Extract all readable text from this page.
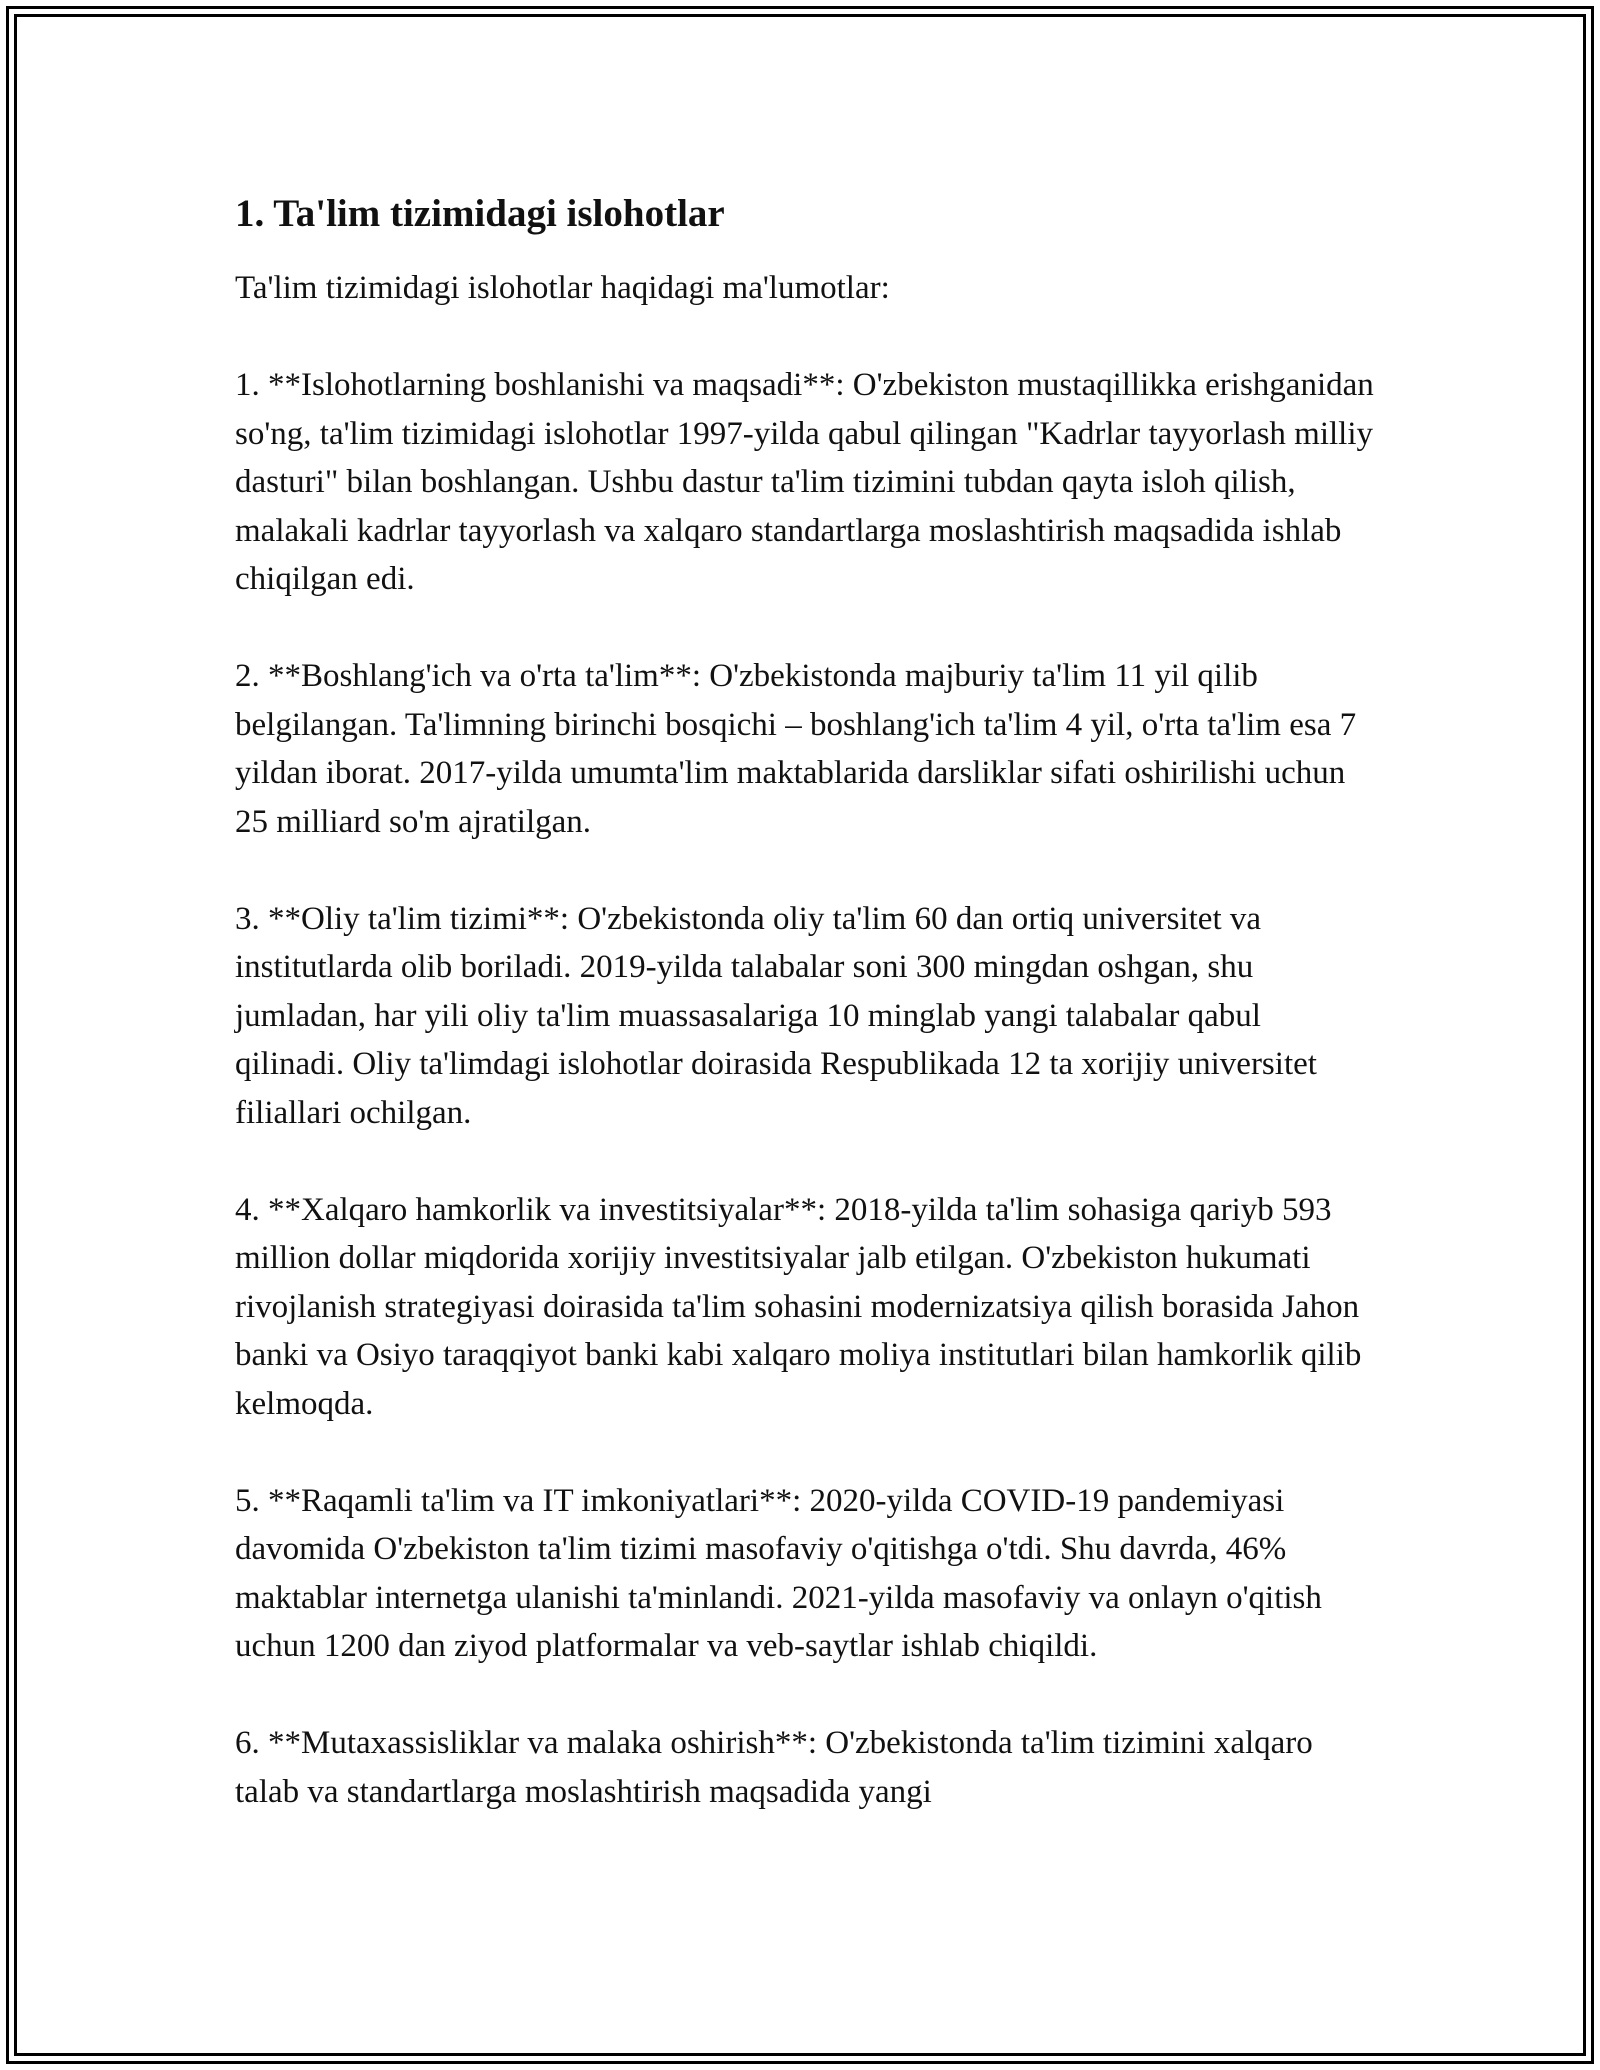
1. Ta'lim tizimidagi islohotlar

Ta'lim tizimidagi islohotlar haqidagi ma'lumotlar:

1. **Islohotlarning boshlanishi va maqsadi**: O'zbekiston mustaqillikka erishganidan so'ng, ta'lim tizimidagi islohotlar 1997-yilda qabul qilingan "Kadrlar tayyorlash milliy dasturi" bilan boshlangan. Ushbu dastur ta'lim tizimini tubdan qayta isloh qilish, malakali kadrlar tayyorlash va xalqaro standartlarga moslashtirish maqsadida ishlab chiqilgan edi.

2. **Boshlang'ich va o'rta ta'lim**: O'zbekistonda majburiy ta'lim 11 yil qilib belgilangan. Ta'limning birinchi bosqichi – boshlang'ich ta'lim 4 yil, o'rta ta'lim esa 7 yildan iborat. 2017-yilda umumta'lim maktablarida darsliklar sifati oshirilishi uchun 25 milliard so'm ajratilgan.

3. **Oliy ta'lim tizimi**: O'zbekistonda oliy ta'lim 60 dan ortiq universitet va institutlarda olib boriladi. 2019-yilda talabalar soni 300 mingdan oshgan, shu jumladan, har yili oliy ta'lim muassasalariga 10 minglab yangi talabalar qabul qilinadi. Oliy ta'limdagi islohotlar doirasida Respublikada 12 ta xorijiy universitet filiallari ochilgan.

4. **Xalqaro hamkorlik va investitsiyalar**: 2018-yilda ta'lim sohasiga qariyb 593 million dollar miqdorida xorijiy investitsiyalar jalb etilgan. O'zbekiston hukumati rivojlanish strategiyasi doirasida ta'lim sohasini modernizatsiya qilish borasida Jahon banki va Osiyo taraqqiyot banki kabi xalqaro moliya institutlari bilan hamkorlik qilib kelmoqda.

5. **Raqamli ta'lim va IT imkoniyatlari**: 2020-yilda COVID-19 pandemiyasi davomida O'zbekiston ta'lim tizimi masofaviy o'qitishga o'tdi. Shu davrda, 46% maktablar internetga ulanishi ta'minlandi. 2021-yilda masofaviy va onlayn o'qitish uchun 1200 dan ziyod platformalar va veb-saytlar ishlab chiqildi.

6. **Mutaxassisliklar va malaka oshirish**: O'zbekistonda ta'lim tizimini xalqaro talab va standartlarga moslashtirish maqsadida yangi
